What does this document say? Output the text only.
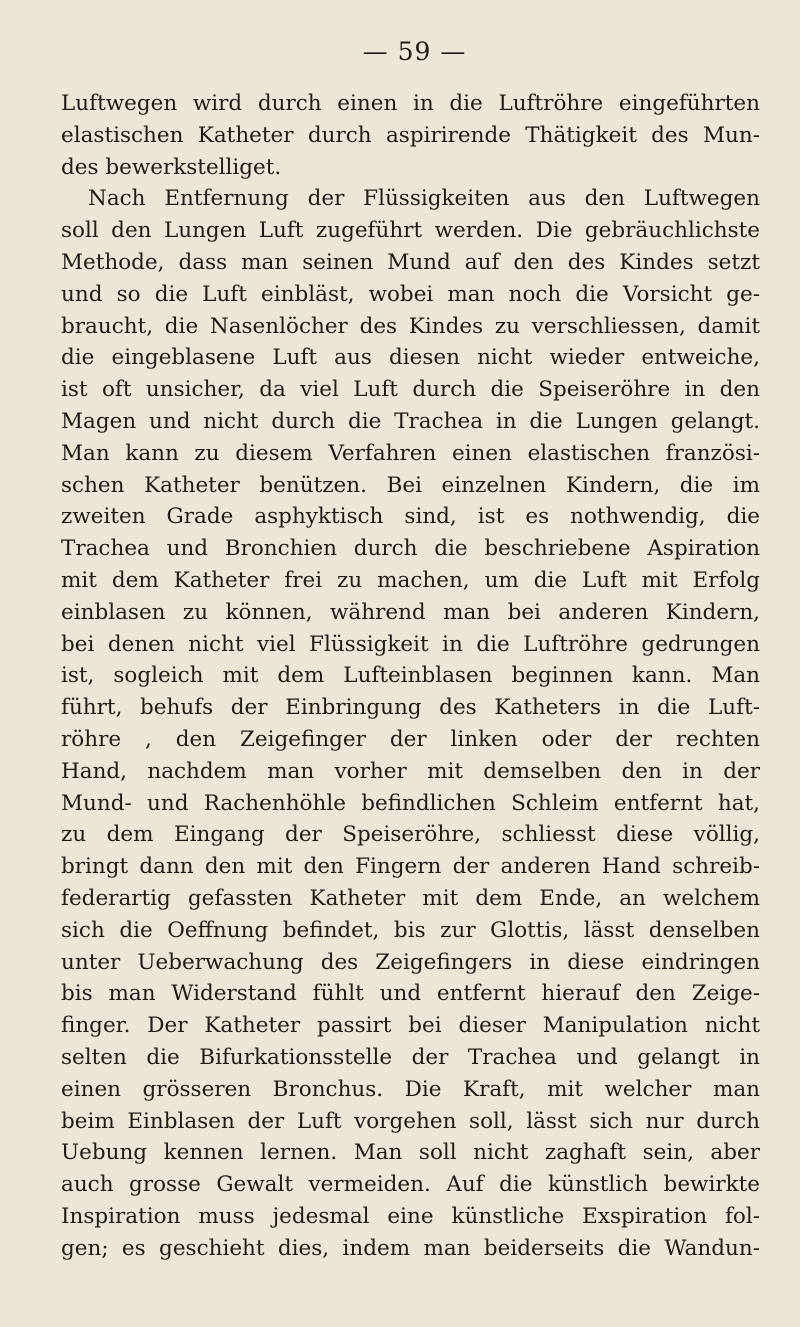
— 59 —
Luftwegen wird durch einen in die Luftröhre eingeführten
elastischen Katheter durch aspirirende Thätigkeit des Mun-
des bewerkstelliget.
Nach Entfernung der Flüssigkeiten aus den Luftwegen
soll den Lungen Luft zugeführt werden. Die gebräuchlichste
Methode, dass man seinen Mund auf den des Kindes setzt
und so die Luft einbläst, wobei man noch die Vorsicht ge-
braucht, die Nasenlöcher des Kindes zu verschliessen, damit
die eingeblasene Luft aus diesen nicht wieder entweiche,
ist oft unsicher, da viel Luft durch die Speiseröhre in den
Magen und nicht durch die Trachea in die Lungen gelangt.
Man kann zu diesem Verfahren einen elastischen französi-
schen Katheter benützen. Bei einzelnen Kindern, die im
zweiten Grade asphyktisch sind, ist es nothwendig, die
Trachea und Bronchien durch die beschriebene Aspiration
mit dem Katheter frei zu machen, um die Luft mit Erfolg
einblasen zu können, während man bei anderen Kindern,
bei denen nicht viel Flüssigkeit in die Luftröhre gedrungen
ist, sogleich mit dem Lufteinblasen beginnen kann. Man
führt, behufs der Einbringung des Katheters in die Luft-
röhre , den Zeigefinger der linken oder der rechten
Hand, nachdem man vorher mit demselben den in der
Mund- und Rachenhöhle befindlichen Schleim entfernt hat,
zu dem Eingang der Speiseröhre, schliesst diese völlig,
bringt dann den mit den Fingern der anderen Hand schreib-
federartig gefassten Katheter mit dem Ende, an welchem
sich die Oeffnung befindet, bis zur Glottis, lässt denselben
unter Ueberwachung des Zeigefingers in diese eindringen
bis man Widerstand fühlt und entfernt hierauf den Zeige-
finger. Der Katheter passirt bei dieser Manipulation nicht
selten die Bifurkationsstelle der Trachea und gelangt in
einen grösseren Bronchus. Die Kraft, mit welcher man
beim Einblasen der Luft vorgehen soll, lässt sich nur durch
Uebung kennen lernen. Man soll nicht zaghaft sein, aber
auch grosse Gewalt vermeiden. Auf die künstlich bewirkte
Inspiration muss jedesmal eine künstliche Exspiration fol-
gen; es geschieht dies, indem man beiderseits die Wandun-
